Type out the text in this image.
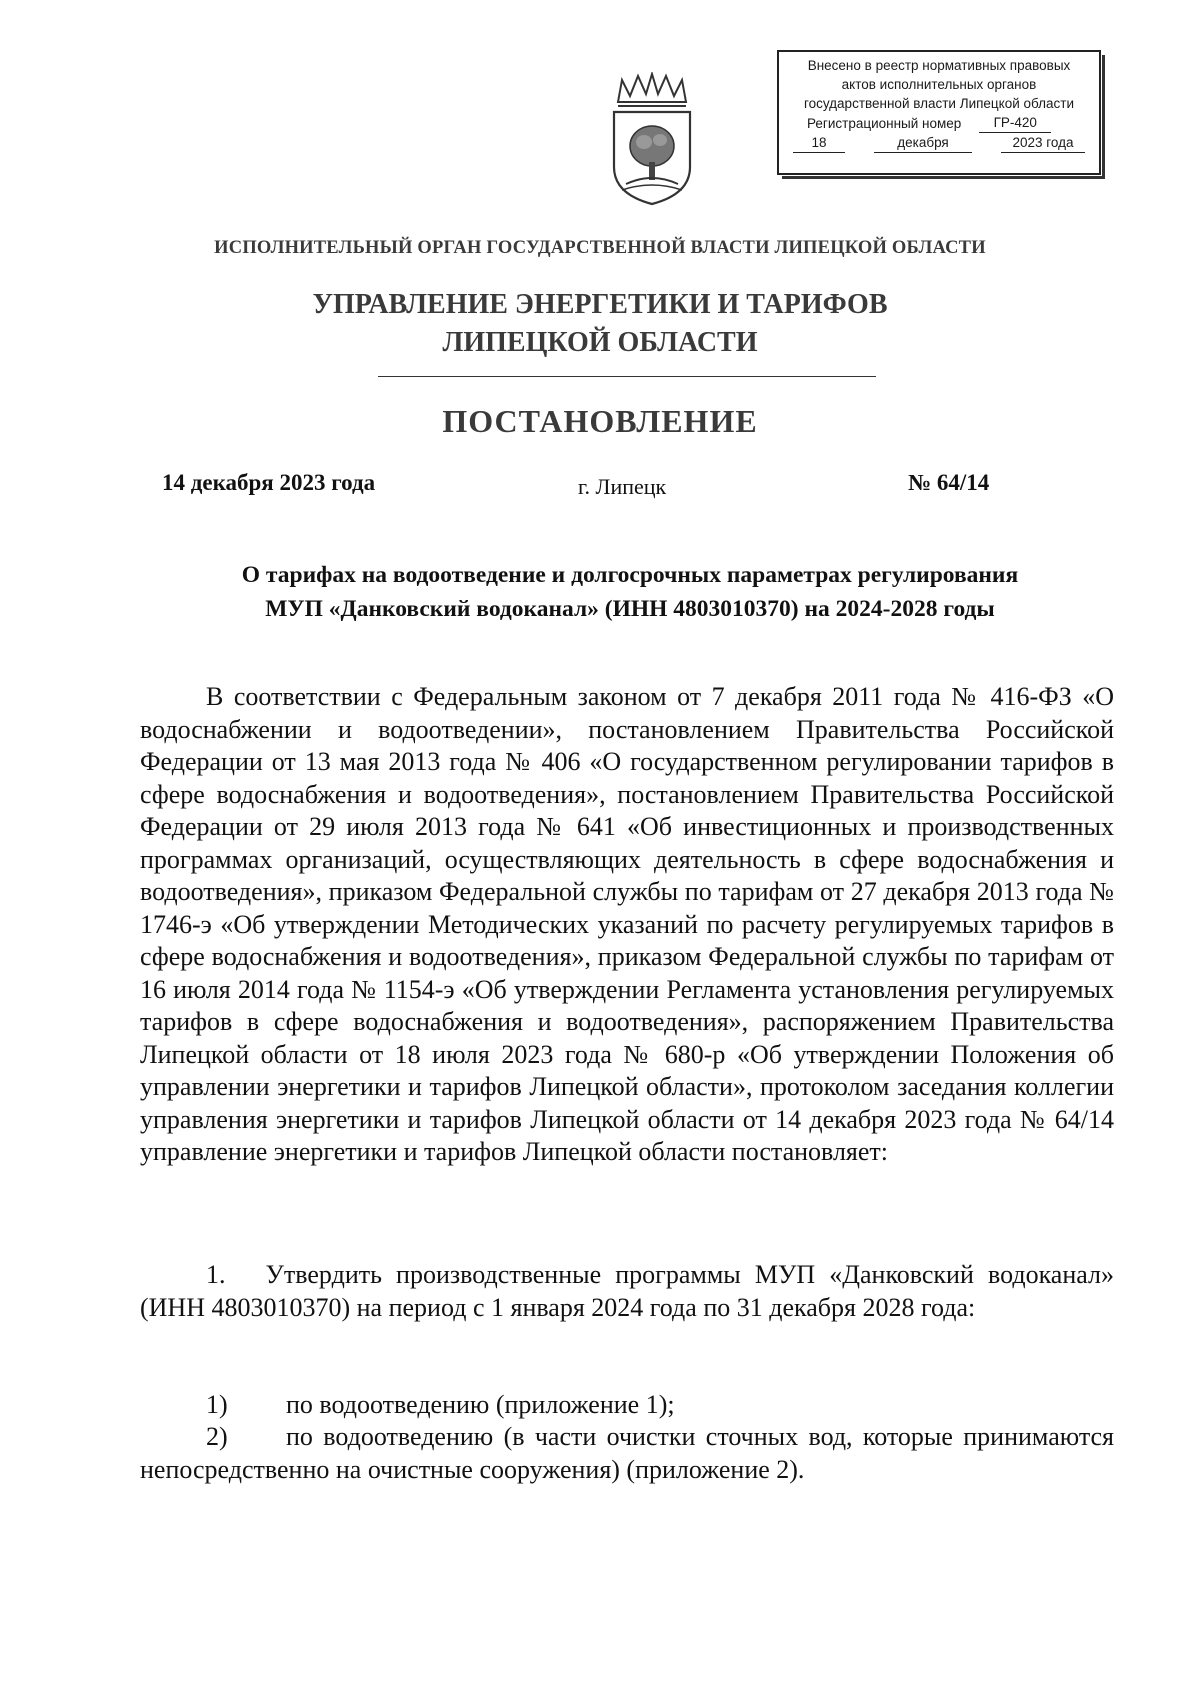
Внесено в реестр нормативных правовых
актов исполнительных органов
государственной власти Липецкой области
Регистрационный номер	ГР-420
18	декабря	2023 года
ИСПОЛНИТЕЛЬНЫЙ ОРГАН ГОСУДАРСТВЕННОЙ ВЛАСТИ ЛИПЕЦКОЙ ОБЛАСТИ
УПРАВЛЕНИЕ ЭНЕРГЕТИКИ И ТАРИФОВ
ЛИПЕЦКОЙ ОБЛАСТИ
ПОСТАНОВЛЕНИЕ
14 декабря 2023 года	г. Липецк	№ 64/14
О тарифах на водоотведение и долгосрочных параметрах регулирования
МУП «Данковский водоканал» (ИНН 4803010370) на 2024-2028 годы
В соответствии с Федеральным законом от 7 декабря 2011 года № 416-ФЗ «О водоснабжении и водоотведении», постановлением Правительства Российской Федерации от 13 мая 2013 года № 406 «О государственном регулировании тарифов в сфере водоснабжения и водоотведения», постановлением Правительства Российской Федерации от 29 июля 2013 года № 641 «Об инвестиционных и производственных программах организаций, осуществляющих деятельность в сфере водоснабжения и водоотведения», приказом Федеральной службы по тарифам от 27 декабря 2013 года № 1746-э «Об утверждении Методических указаний по расчету регулируемых тарифов в сфере водоснабжения и водоотведения», приказом Федеральной службы по тарифам от 16 июля 2014 года № 1154-э «Об утверждении Регламента установления регулируемых тарифов в сфере водоснабжения и водоотведения», распоряжением Правительства Липецкой области от 18 июля 2023 года № 680-р «Об утверждении Положения об управлении энергетики и тарифов Липецкой области», протоколом заседания коллегии управления энергетики и тарифов Липецкой области от 14 декабря 2023 года № 64/14 управление энергетики и тарифов Липецкой области постановляет:
1. Утвердить производственные программы МУП «Данковский водоканал» (ИНН 4803010370) на период с 1 января 2024 года по 31 декабря 2028 года:
1) по водоотведению (приложение 1);
2) по водоотведению (в части очистки сточных вод, которые принимаются непосредственно на очистные сооружения) (приложение 2).
